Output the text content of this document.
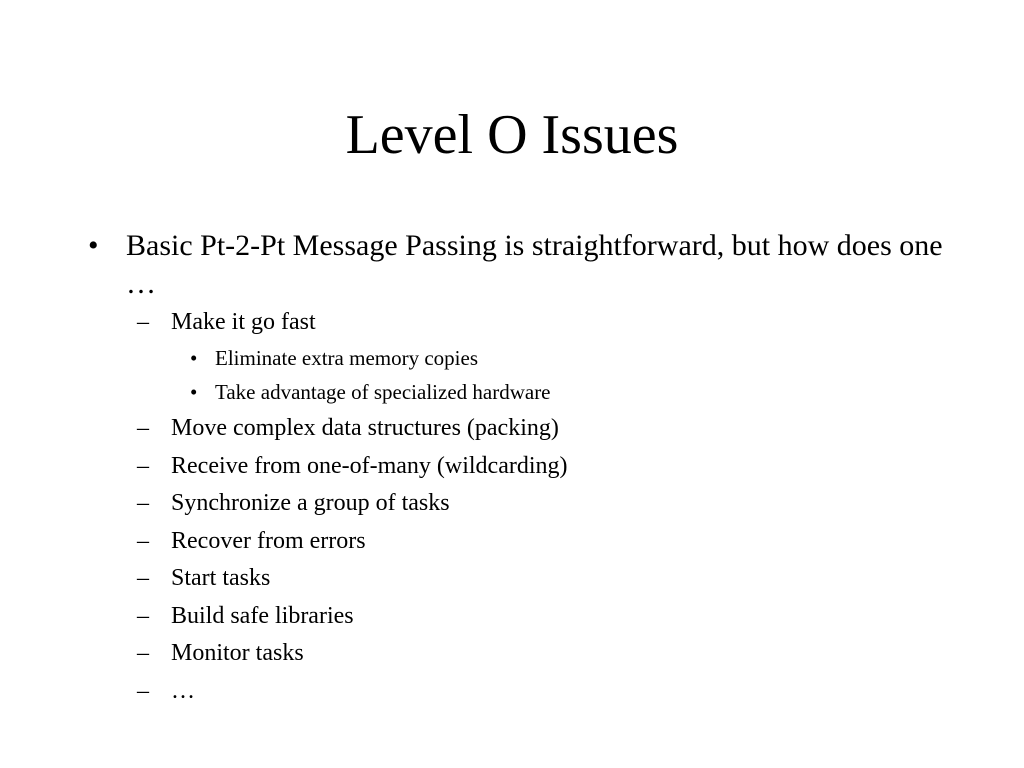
Level O Issues
• Basic Pt-2-Pt Message Passing is straightforward, but how does one …
– Make it go fast
• Eliminate extra memory copies
• Take advantage of specialized hardware
– Move complex data structures (packing)
– Receive from one-of-many (wildcarding)
– Synchronize a group of tasks
– Recover from errors
– Start tasks
– Build safe libraries
– Monitor tasks
– …
